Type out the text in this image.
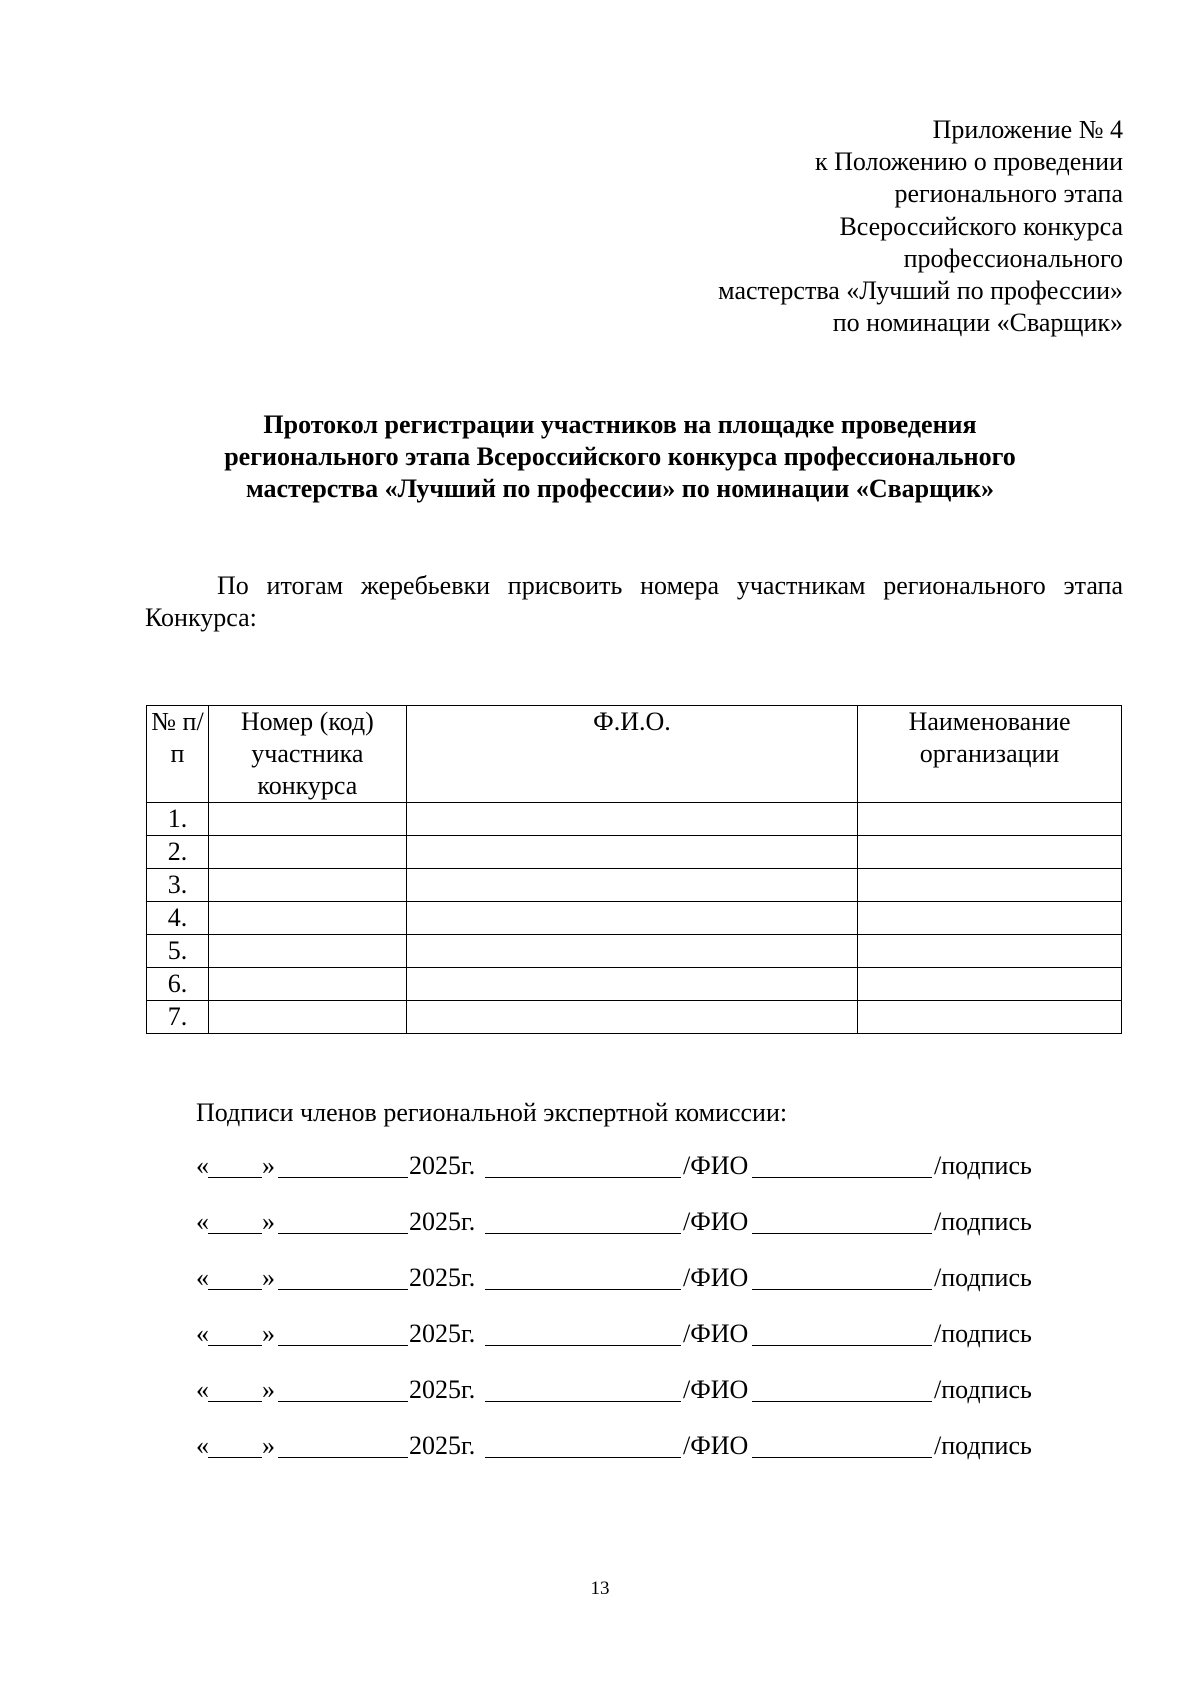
Приложение № 4
к Положению о проведении
регионального этапа
Всероссийского конкурса
профессионального
мастерства «Лучший по профессии»
по номинации «Сварщик»
Протокол регистрации участников на площадке проведения
регионального этапа Всероссийского конкурса профессионального
мастерства «Лучший по профессии» по номинации «Сварщик»
По итогам жеребьевки присвоить номера участникам регионального этапа
Конкурса:
№ п/п	Номер (код) участника конкурса	Ф.И.О.	Наименование организации
1.			
2.			
3.			
4.			
5.			
6.			
7.			
Подписи членов региональной экспертной комиссии:
« »	2025г.	/ФИО	/подпись
« »	2025г.	/ФИО	/подпись
« »	2025г.	/ФИО	/подпись
« »	2025г.	/ФИО	/подпись
« »	2025г.	/ФИО	/подпись
« »	2025г.	/ФИО	/подпись
13
